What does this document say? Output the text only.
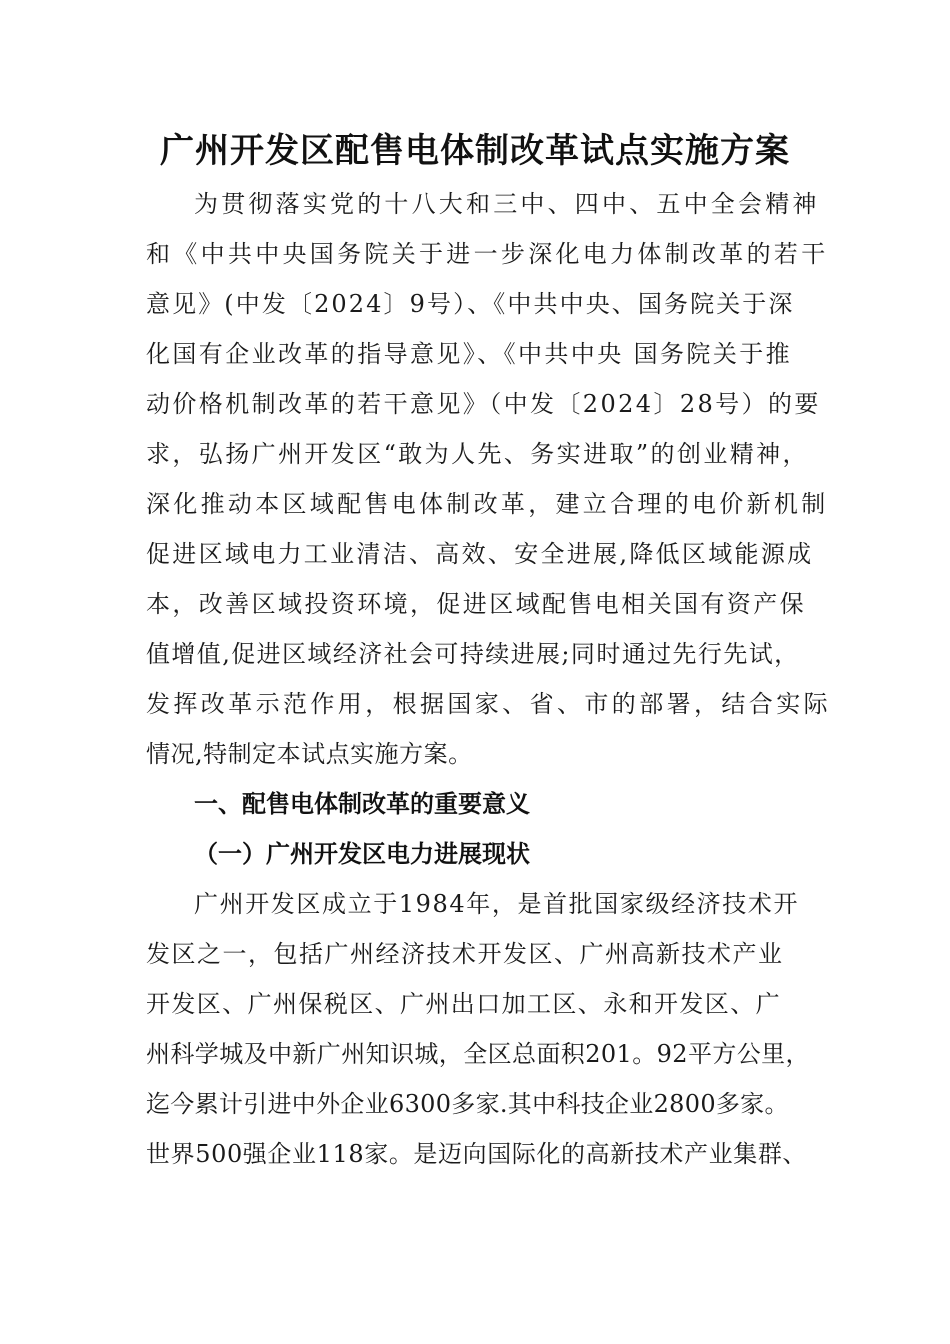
广州开发区配售电体制改革试点实施方案
为贯彻落实党的十八大和三中、四中、五中全会精神
和《中共中央国务院关于进一步深化电力体制改革的若干
意见》(中发〔2024〕9号）、《中共中央、国务院关于深
化国有企业改革的指导意见》、《中共中央 国务院关于推
动价格机制改革的若干意见》（中发〔2024〕28号）的要
求，弘扬广州开发区“敢为人先、务实进取”的创业精神，
深化推动本区域配售电体制改革，建立合理的电价新机制
促进区域电力工业清洁、高效、安全进展,降低区域能源成
本，改善区域投资环境，促进区域配售电相关国有资产保
值增值,促进区域经济社会可持续进展;同时通过先行先试，
发挥改革示范作用，根据国家、省、市的部署，结合实际
情况,特制定本试点实施方案。
一、配售电体制改革的重要意义
（一）广州开发区电力进展现状
广州开发区成立于1984年，是首批国家级经济技术开
发区之一，包括广州经济技术开发区、广州高新技术产业
开发区、广州保税区、广州出口加工区、永和开发区、广
州科学城及中新广州知识城，全区总面积201。92平方公里，
迄今累计引进中外企业6300多家.其中科技企业2800多家。
世界500强企业118家。是迈向国际化的高新技术产业集群、
